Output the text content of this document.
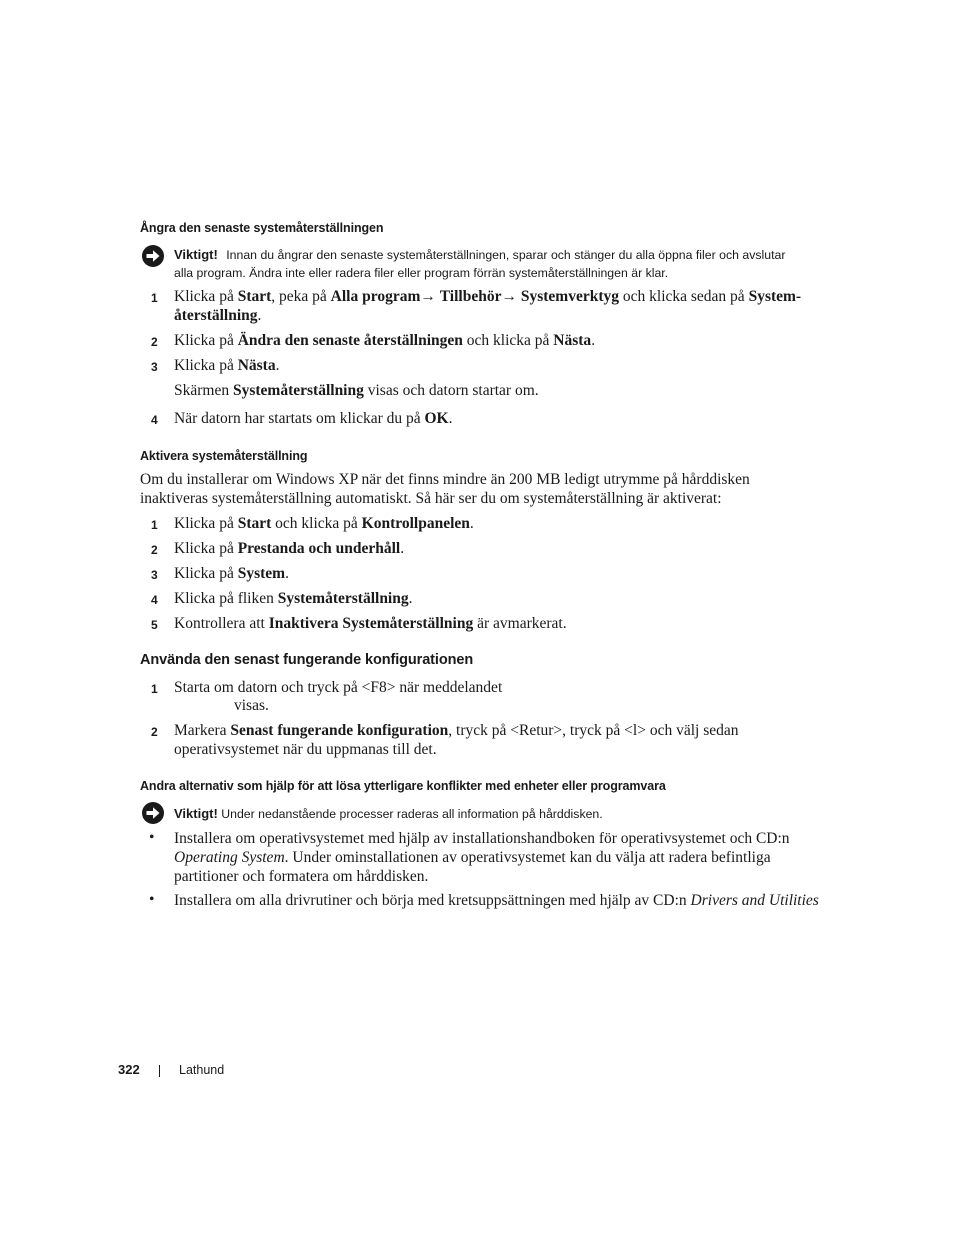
Ångra den senaste systemåterställningen
Viktigt! Innan du ångrar den senaste systemåterställningen, sparar och stänger du alla öppna filer och avslutar
alla program. Ändra inte eller radera filer eller program förrän systemåterställningen är klar.
1 Klicka på Start, peka på Alla program→ Tillbehör→ Systemverktyg och klicka sedan på System-
återställning.
2 Klicka på Ändra den senaste återställningen och klicka på Nästa.
3 Klicka på Nästa.
Skärmen Systemåterställning visas och datorn startar om.
4 När datorn har startats om klickar du på OK.
Aktivera systemåterställning
Om du installerar om Windows XP när det finns mindre än 200 MB ledigt utrymme på hårddisken
inaktiveras systemåterställning automatiskt. Så här ser du om systemåterställning är aktiverat:
1 Klicka på Start och klicka på Kontrollpanelen.
2 Klicka på Prestanda och underhåll.
3 Klicka på System.
4 Klicka på fliken Systemåterställning.
5 Kontrollera att Inaktivera Systemåterställning är avmarkerat.
Använda den senast fungerande konfigurationen
1 Starta om datorn och tryck på <F8> när meddelandet
visas.
2 Markera Senast fungerande konfiguration, tryck på <Retur>, tryck på <l> och välj sedan
operativsystemet när du uppmanas till det.
Andra alternativ som hjälp för att lösa ytterligare konflikter med enheter eller programvara
Viktigt! Under nedanstående processer raderas all information på hårddisken.
• Installera om operativsystemet med hjälp av installationshandboken för operativsystemet och CD:n
Operating System. Under ominstallationen av operativsystemet kan du välja att radera befintliga
partitioner och formatera om hårddisken.
• Installera om alla drivrutiner och börja med kretsuppsättningen med hjälp av CD:n Drivers and Utilities
322	Lathund
